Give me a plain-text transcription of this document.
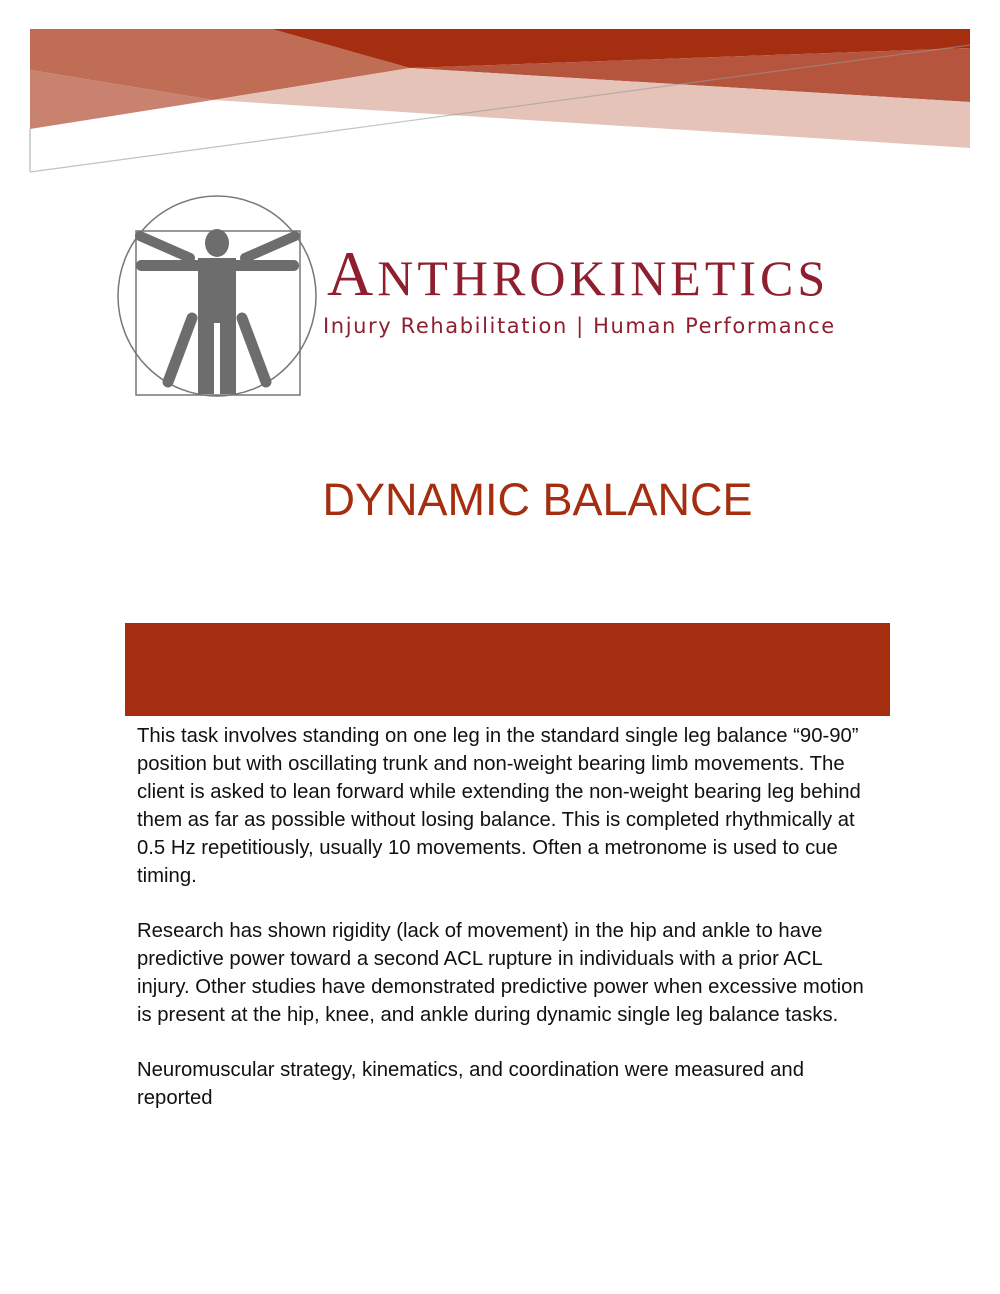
ANTHROKINETICS
Injury Rehabilitation | Human Performance
DYNAMIC BALANCE

This task involves standing on one leg in the standard single leg balance “90-90” position but with oscillating trunk and non-weight bearing limb movements. The client is asked to lean forward while extending the non-weight bearing leg behind them as far as possible without losing balance. This is completed rhythmically at 0.5 Hz repetitiously, usually 10 movements. Often a metronome is used to cue timing.

Research has shown rigidity (lack of movement) in the hip and ankle to have predictive power toward a second ACL rupture in individuals with a prior ACL injury. Other studies have demonstrated predictive power when excessive motion is present at the hip, knee, and ankle during dynamic single leg balance tasks.

Neuromuscular strategy, kinematics, and coordination were measured and reported
